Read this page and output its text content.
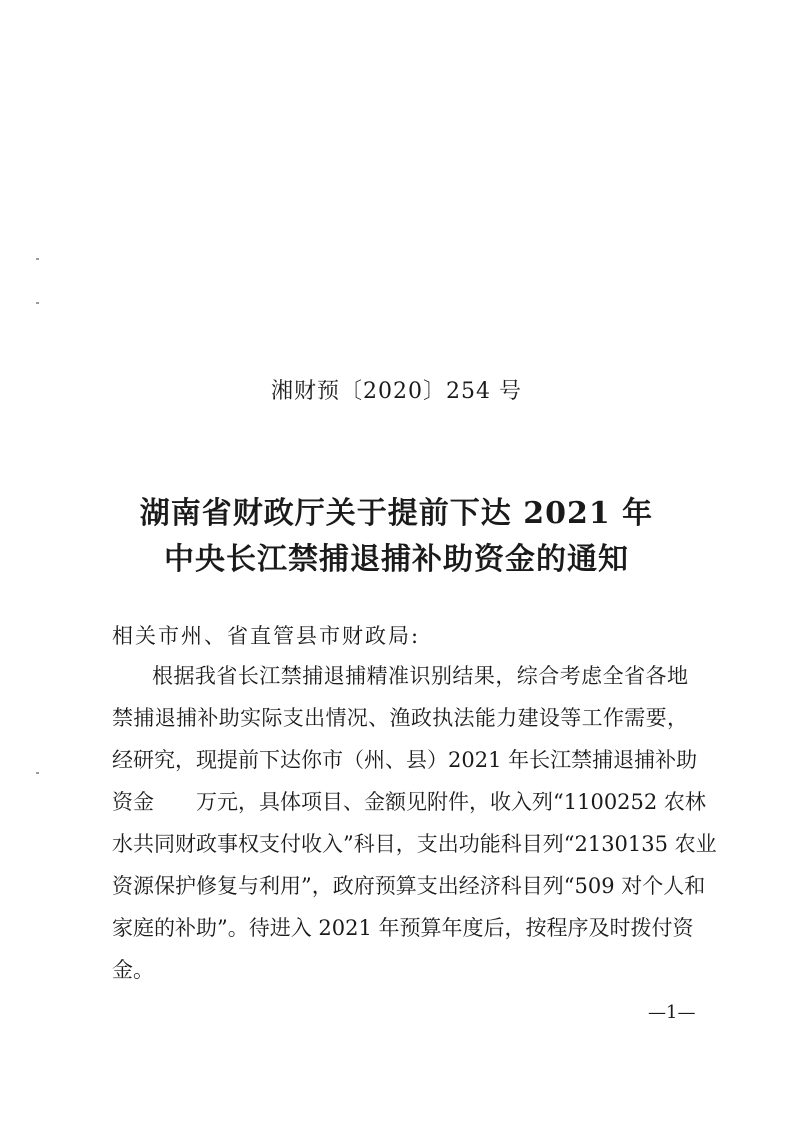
湘财预〔2020〕254 号
湖南省财政厅关于提前下达 2021 年
中央长江禁捕退捕补助资金的通知
相关市州、省直管县市财政局:
根据我省长江禁捕退捕精准识别结果，综合考虑全省各地
禁捕退捕补助实际支出情况、渔政执法能力建设等工作需要，
经研究，现提前下达你市（州、县）2021 年长江禁捕退捕补助
资金　　万元，具体项目、金额见附件，收入列“1100252 农林
水共同财政事权支付收入”科目，支出功能科目列“2130135 农业
资源保护修复与利用”，政府预算支出经济科目列“509 对个人和
家庭的补助”。待进入 2021 年预算年度后，按程序及时拨付资
金。
—1—
